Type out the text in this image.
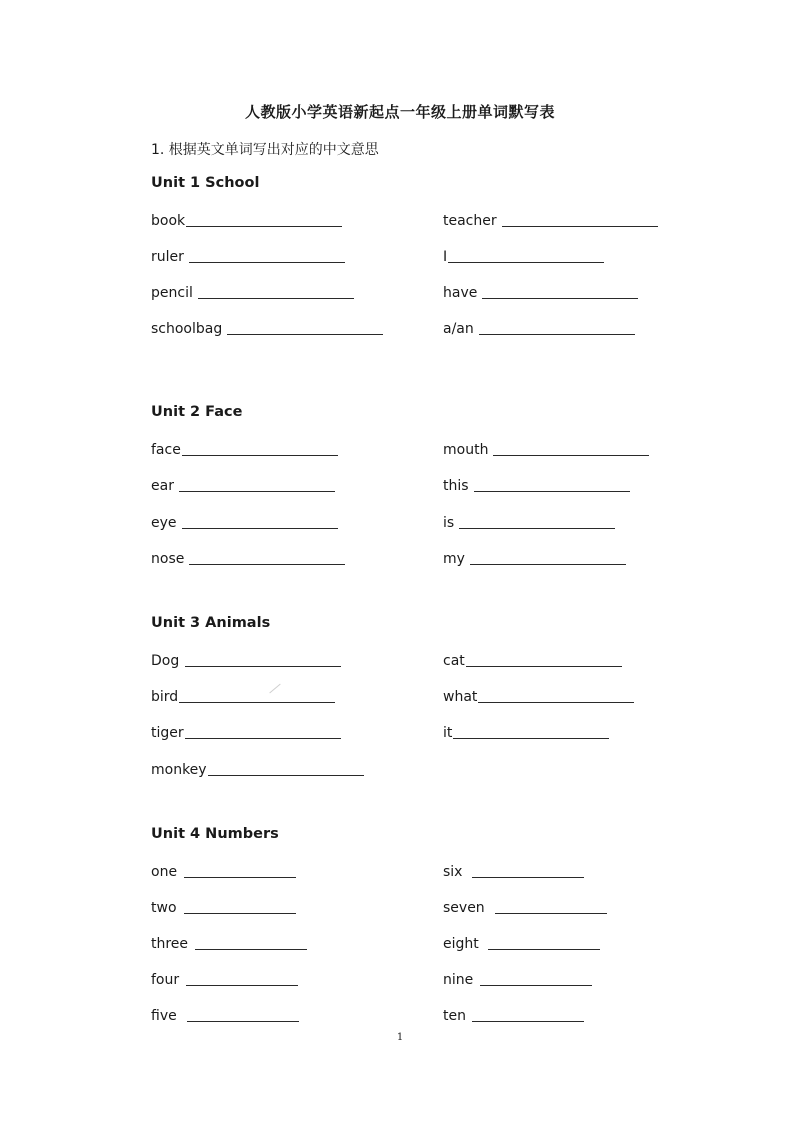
人教版小学英语新起点一年级上册单词默写表
1. 根据英文单词写出对应的中文意思
Unit 1 School
book	teacher
ruler	I
pencil	have
schoolbag	a/an
Unit 2 Face
face	mouth
ear	this
eye	is
nose	my
Unit 3 Animals
Dog	cat
bird	what
tiger	it
monkey
Unit 4 Numbers
one	six
two	seven
three	eight
four	nine
five	ten
1
